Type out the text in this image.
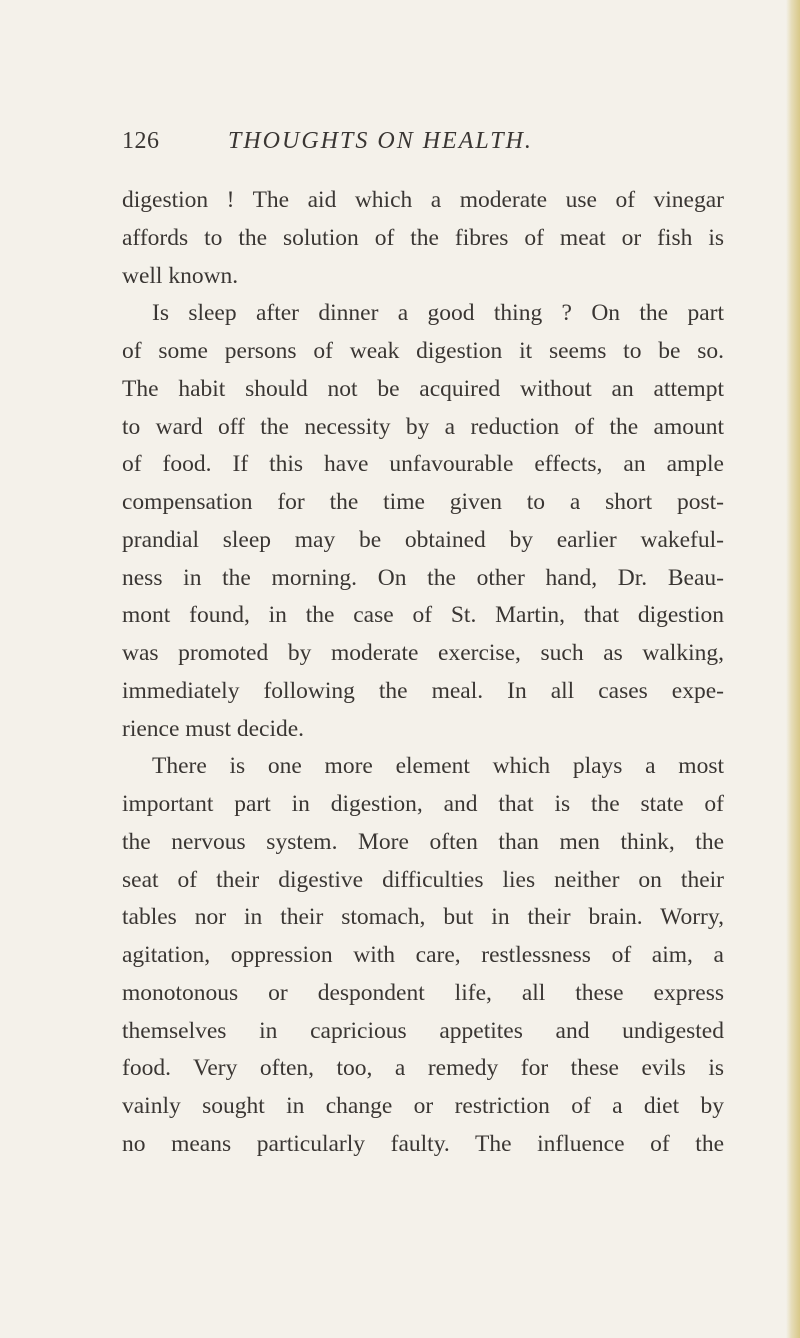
126	THOUGHTS ON HEALTH.
digestion ! The aid which a moderate use of vinegar
affords to the solution of the fibres of meat or fish is
well known.
Is sleep after dinner a good thing ? On the part
of some persons of weak digestion it seems to be so.
The habit should not be acquired without an attempt
to ward off the necessity by a reduction of the amount
of food. If this have unfavourable effects, an ample
compensation for the time given to a short post-
prandial sleep may be obtained by earlier wakeful-
ness in the morning. On the other hand, Dr. Beau-
mont found, in the case of St. Martin, that digestion
was promoted by moderate exercise, such as walking,
immediately following the meal. In all cases expe-
rience must decide.
There is one more element which plays a most
important part in digestion, and that is the state of
the nervous system. More often than men think, the
seat of their digestive difficulties lies neither on their
tables nor in their stomach, but in their brain. Worry,
agitation, oppression with care, restlessness of aim, a
monotonous or despondent life, all these express
themselves in capricious appetites and undigested
food. Very often, too, a remedy for these evils is
vainly sought in change or restriction of a diet by
no means particularly faulty. The influence of the
